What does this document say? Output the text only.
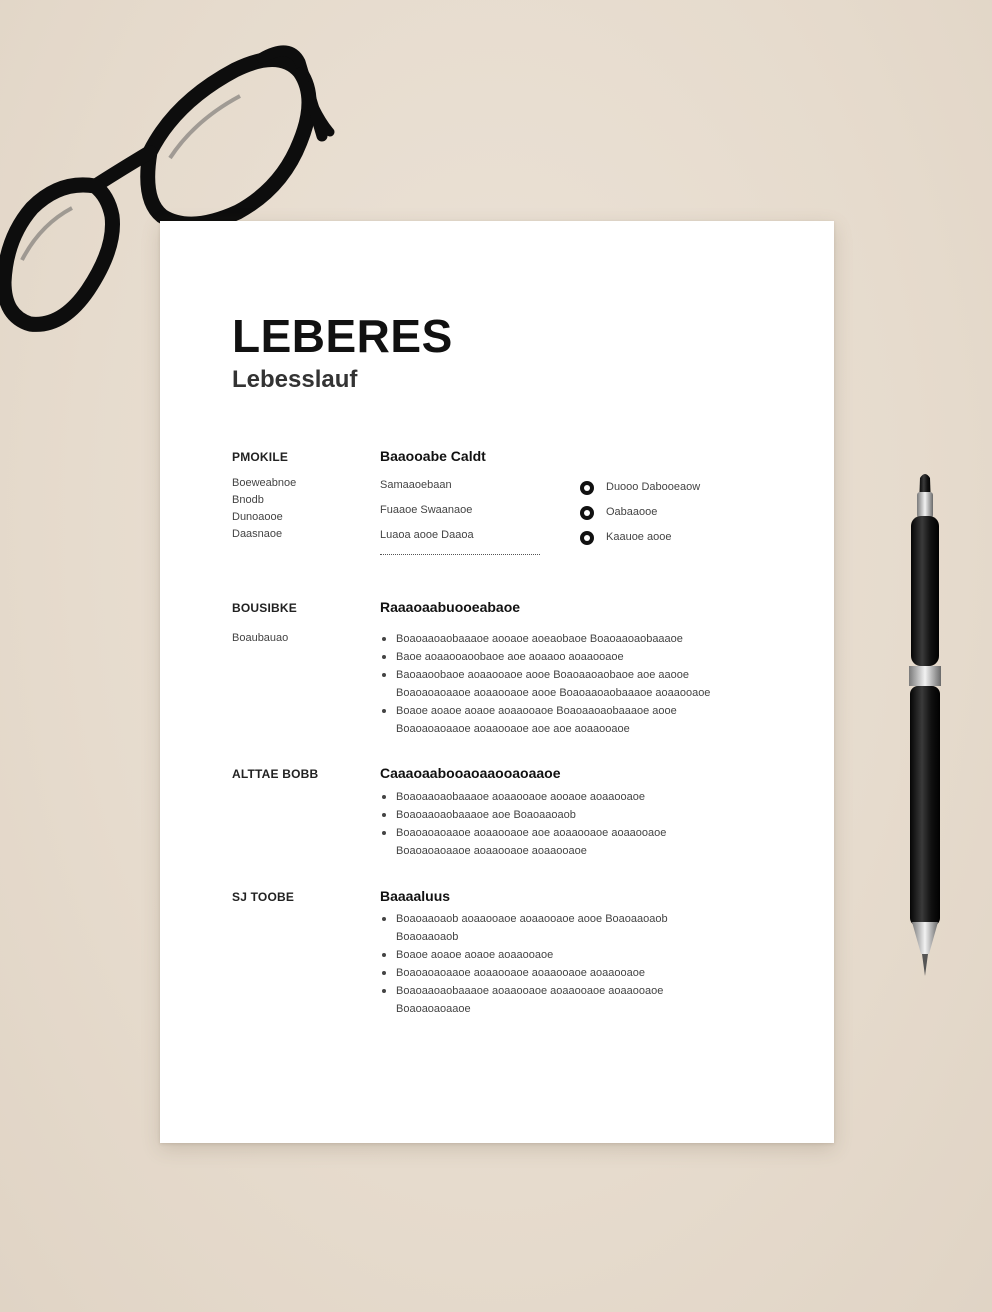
LEBERES
Lebesslauf
PMOKILE
Boeweabnoe
Bnodb
Dunoaooe
Daasnaoe
Baaooabe Caldt
Samaaoebaan
Fuaaoe Swaanaoe
Luaoa aooe Daaoa
Duooo Dabooeaow
Oabaaooe
Kaauoe aooe
BOUSIBKE
Boaubauao
Raaaoaabuooeabaoe
Boaoaaoaobaaaoe aooaoe aoeaobaoe Boaoaaoaobaaaoe
Baoe aoaaooaoobaoe aoe aoaaoo aoaaooaoe
Baoaaoobaoe aoaaooaoe aooe Boaoaaoaobaoe aoe aaooe
Boaoaoaoaaoe aoaaooaoe aooe Boaoaaoaobaaaoe aoaaooaoe
Boaoe aoaoe aoaoe aoaaooaoe Boaoaaoaobaaaoe aooe
Boaoaoaoaaoe aoaaooaoe aoe aoe aoaaooaoe
ALTTAE BOBB	Caaaoaabooaoaaooaoaaoe
Boaoaaoaobaaaoe aoaaooaoe aooaoe aoaaooaoe
Boaoaaoaobaaaoe aoe Boaoaaoaob
Boaoaoaoaaoe aoaaooaoe aoe aoaaooaoe aoaaooaoe
Boaoaoaoaaoe aoaaooaoe aoaaooaoe
SJ TOOBE	Baaaaluus
Boaoaaoaob aoaaooaoe aoaaooaoe aooe Boaoaaoaob
Boaoaaoaob
Boaoe aoaoe aoaoe aoaaooaoe
Boaoaoaoaaoe aoaaooaoe aoaaooaoe aoaaooaoe
Boaoaaoaobaaaoe aoaaooaoe aoaaooaoe aoaaooaoe
Boaoaoaoaaoe
